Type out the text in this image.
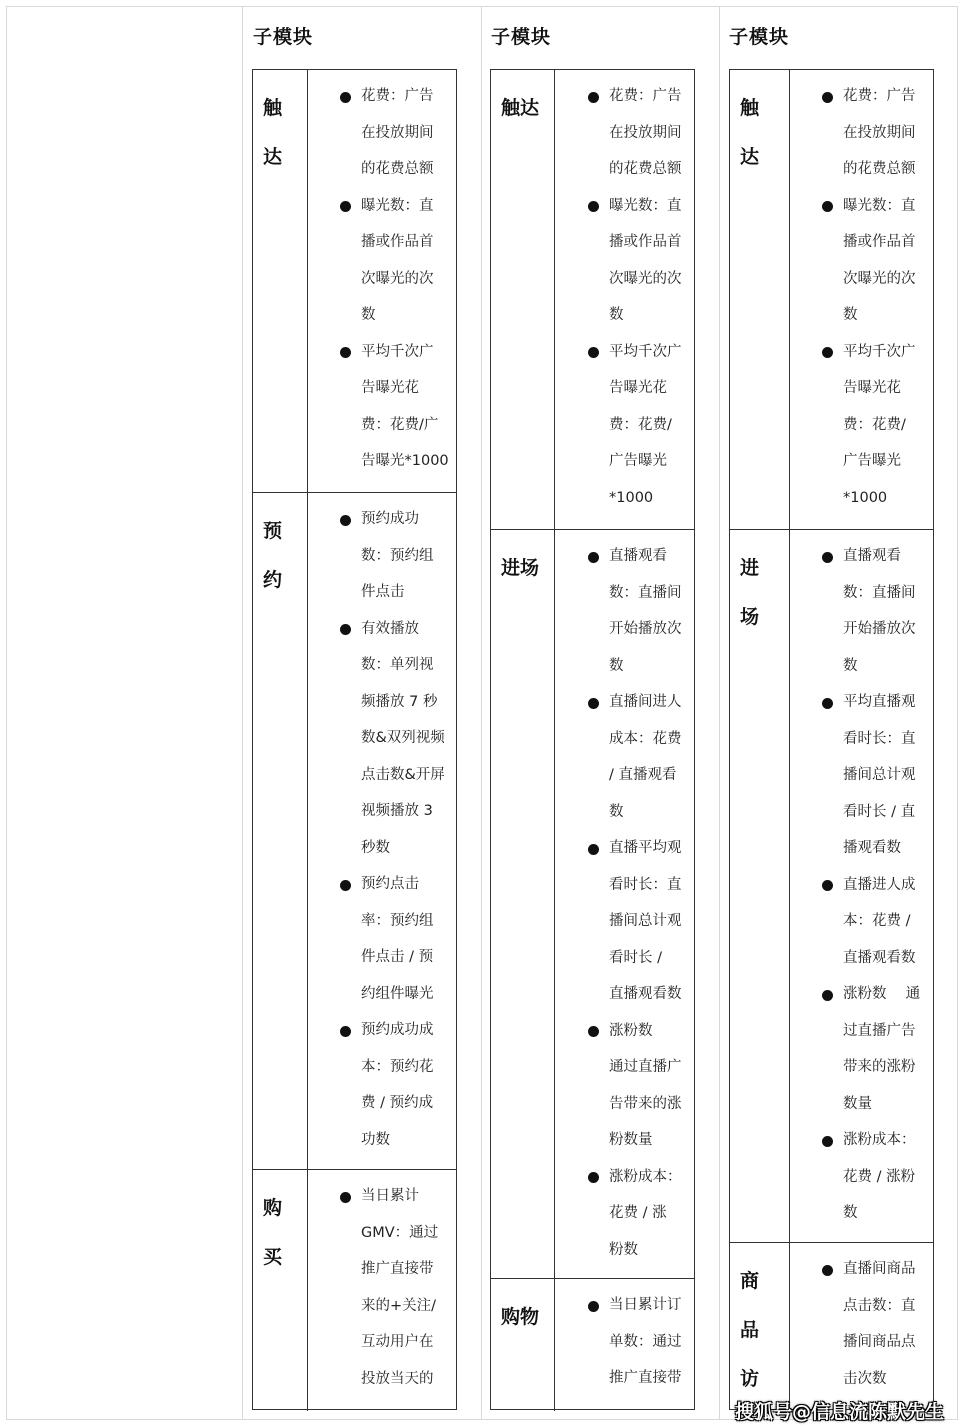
子模块	子模块	子模块
触达
花费：广告
在投放期间
的花费总额
曝光数：直
播或作品首
次曝光的次
数
平均千次广
告曝光花
费：花费/广
告曝光*1000
预约
预约成功
数：预约组
件点击
有效播放
数：单列视
频播放 7 秒
数&双列视频
点击数&开屏
视频播放 3
秒数
预约点击
率：预约组
件点击 / 预
约组件曝光
预约成功成
本：预约花
费 / 预约成
功数
购买
当日累计
GMV：通过
推广直接带
来的+关注/
互动用户在
投放当天的
触达
花费：广告
在投放期间
的花费总额
曝光数：直
播或作品首
次曝光的次
数
平均千次广
告曝光花
费：花费/
广告曝光
*1000
进场
直播观看
数：直播间
开始播放次
数
直播间进人
成本：花费
/ 直播观看
数
直播平均观
看时长：直
播间总计观
看时长 /
直播观看数
涨粉数
通过直播广
告带来的涨
粉数量
涨粉成本：
花费 / 涨
粉数
购物
当日累计订
单数：通过
推广直接带
触达
花费：广告
在投放期间
的花费总额
曝光数：直
播或作品首
次曝光的次
数
平均千次广
告曝光花
费：花费/
广告曝光
*1000
进场
直播观看
数：直播间
开始播放次
数
平均直播观
看时长：直
播间总计观
看时长 / 直
播观看数
直播进人成
本：花费 /
直播观看数
涨粉数　 通
过直播广告
带来的涨粉
数量
涨粉成本：
花费 / 涨粉
数
商品访
直播间商品
点击数：直
播间商品点
击次数
搜狐号@信息流陈默先生
